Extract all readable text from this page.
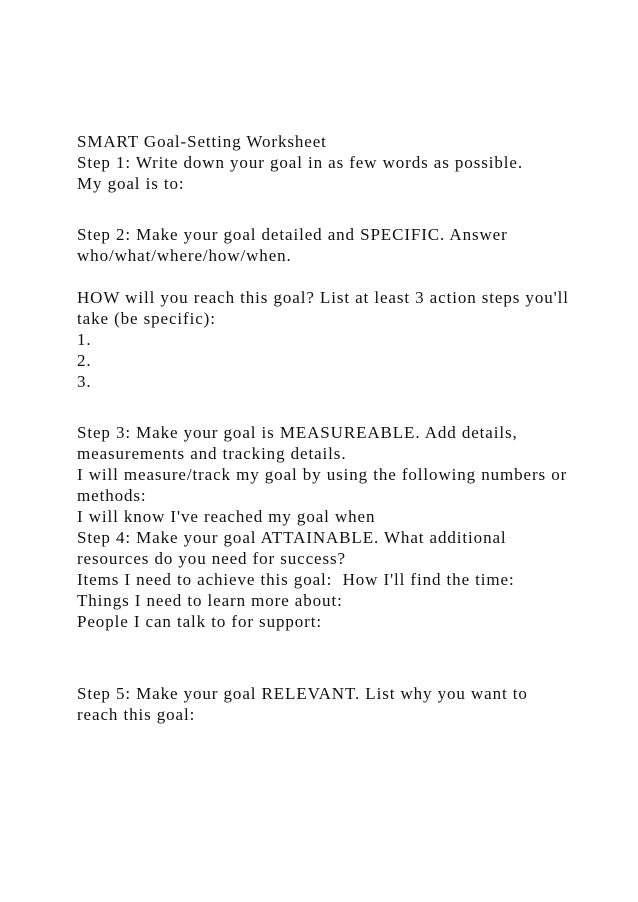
SMART Goal-Setting Worksheet
Step 1: Write down your goal in as few words as possible.
My goal is to:
Step 2: Make your goal detailed and SPECIFIC. Answer
who/what/where/how/when.
HOW will you reach this goal? List at least 3 action steps you'll
take (be specific):
1.
2.
3.
Step 3: Make your goal is MEASUREABLE. Add details,
measurements and tracking details.
I will measure/track my goal by using the following numbers or
methods:
I will know I've reached my goal when
Step 4: Make your goal ATTAINABLE. What additional
resources do you need for success?
Items I need to achieve this goal:  How I'll find the time:
Things I need to learn more about:
People I can talk to for support:
Step 5: Make your goal RELEVANT. List why you want to
reach this goal:
